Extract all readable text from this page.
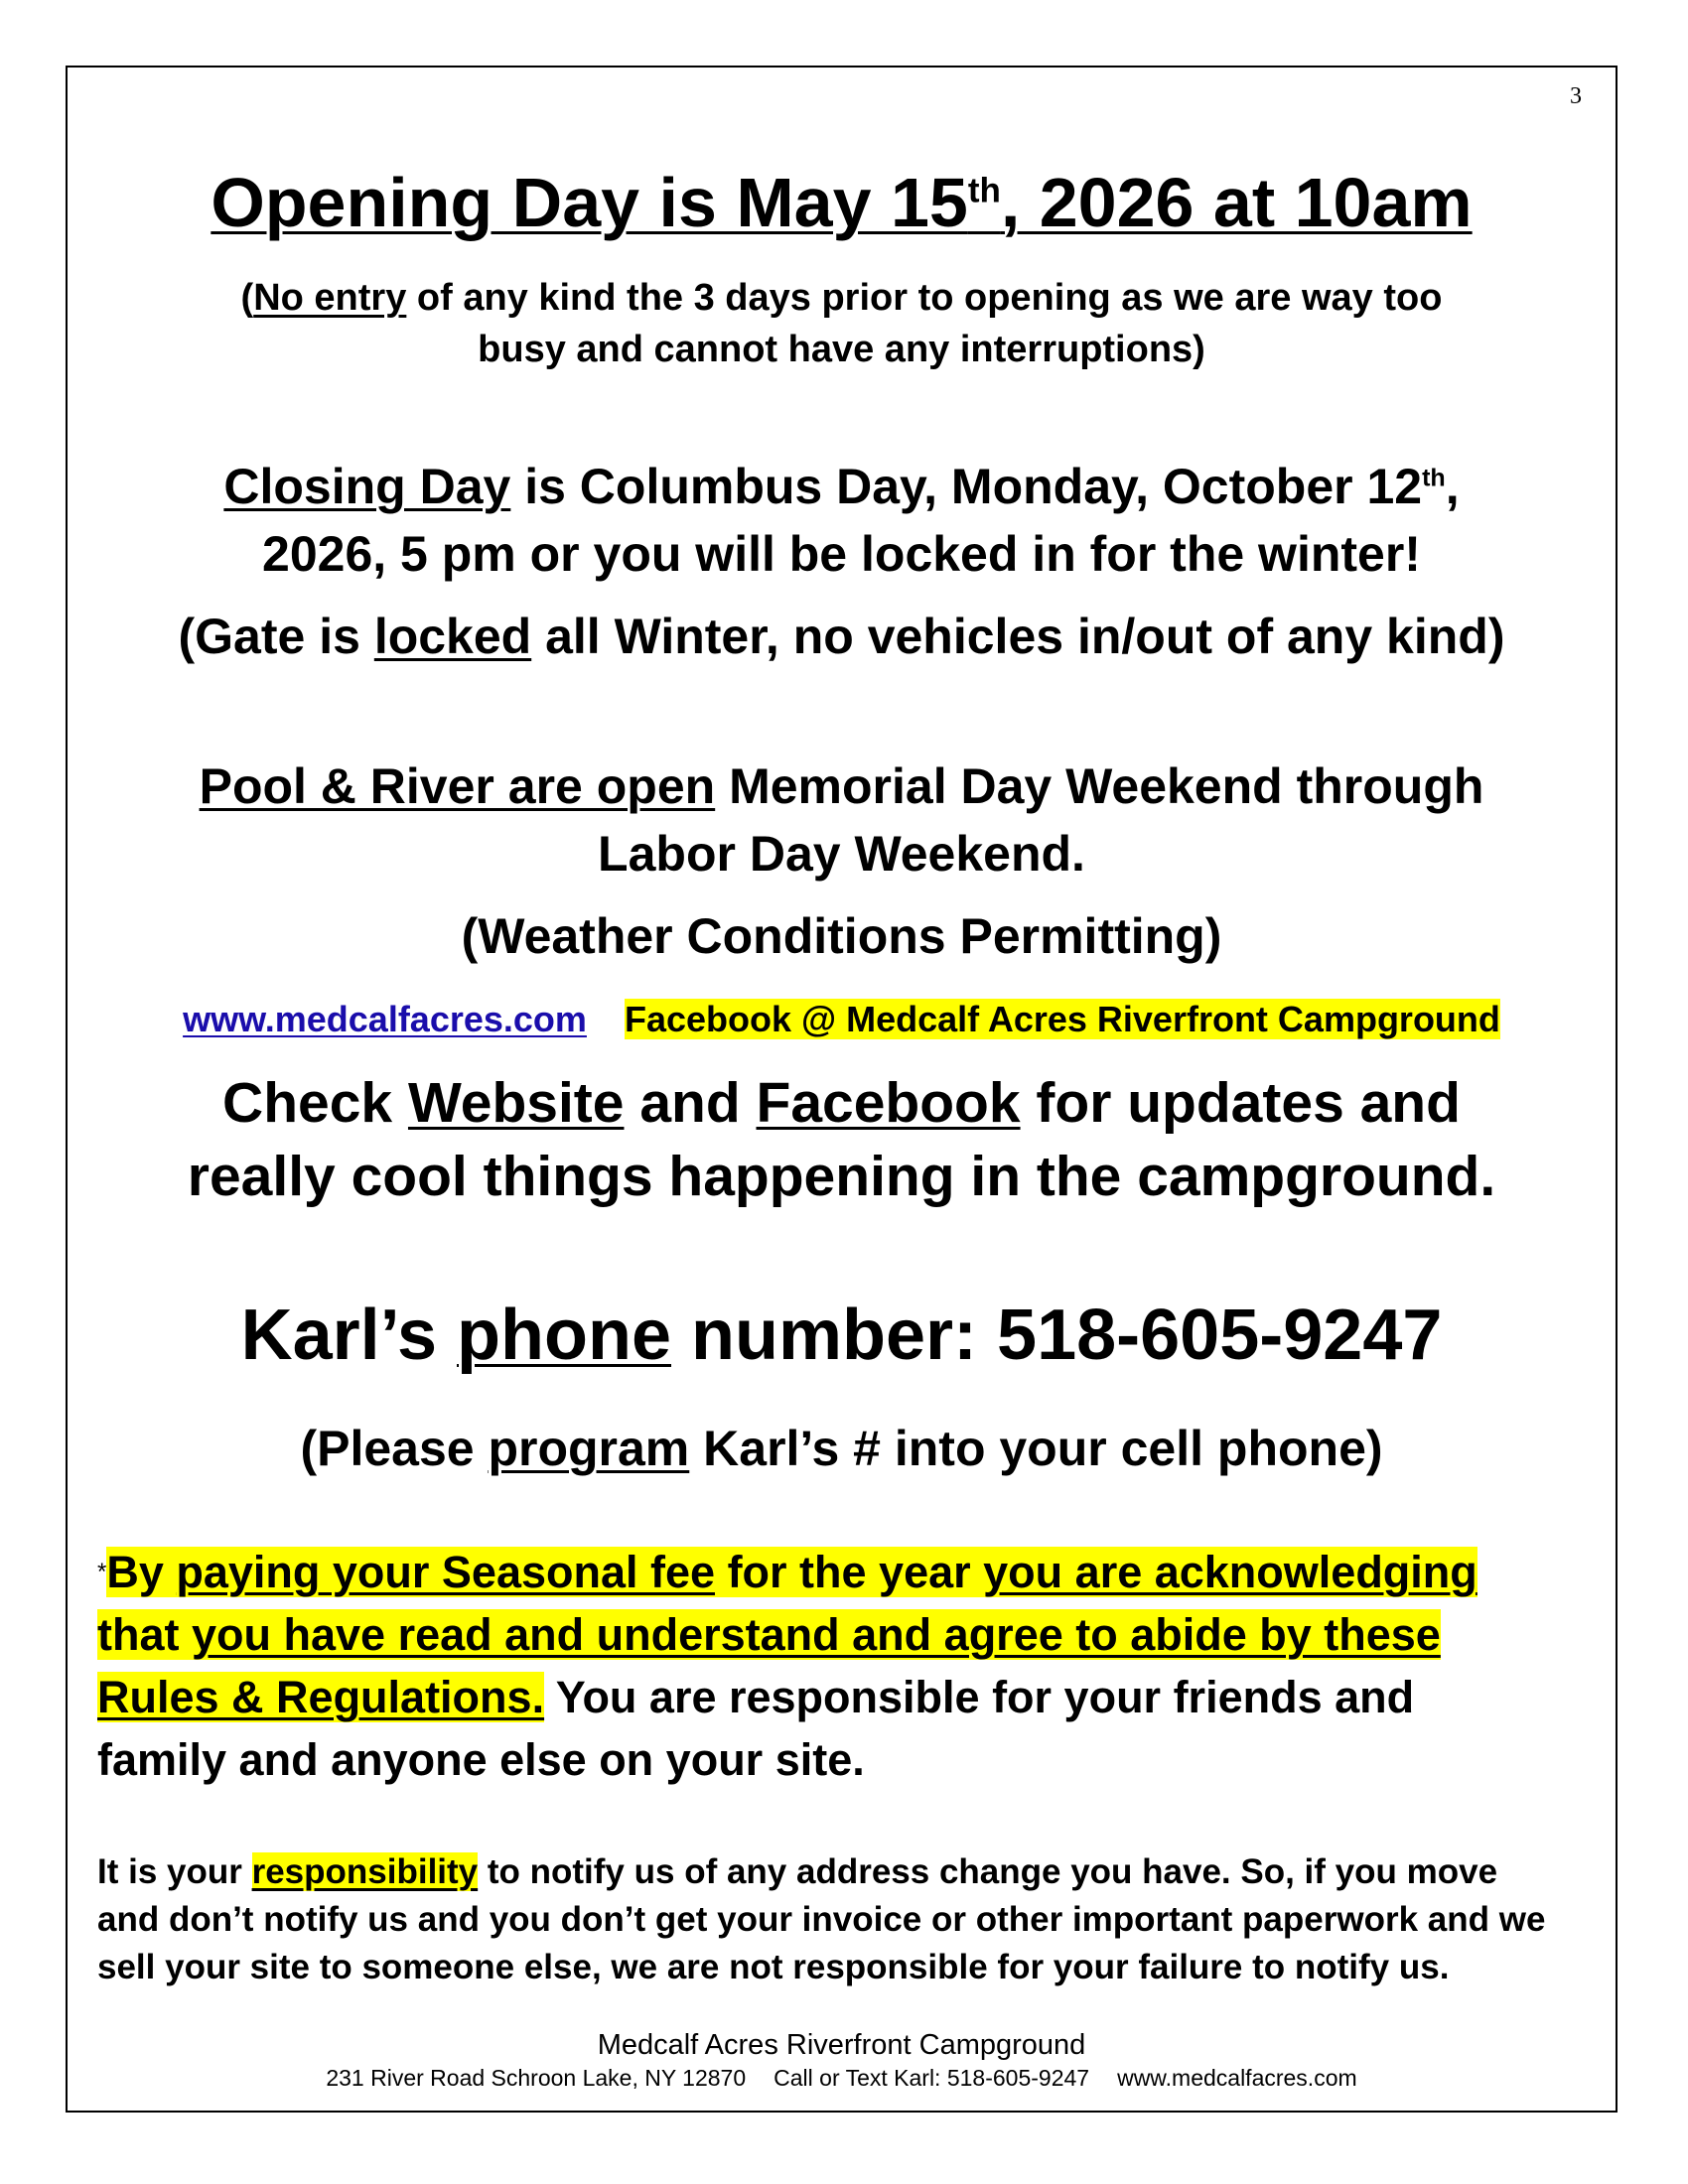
3
Opening Day is May 15th, 2026 at 10am
(No entry of any kind the 3 days prior to opening as we are way too
busy and cannot have any interruptions)
Closing Day is Columbus Day, Monday, October 12th,
2026, 5 pm or you will be locked in for the winter!
(Gate is locked all Winter, no vehicles in/out of any kind)
Pool & River are open Memorial Day Weekend through
Labor Day Weekend.
(Weather Conditions Permitting)
www.medcalfacres.com Facebook @ Medcalf Acres Riverfront Campground
Check Website and Facebook for updates and
really cool things happening in the campground.
Karl’s phone number: 518-605-9247
(Please program Karl’s # into your cell phone)
*By paying your Seasonal fee for the year you are acknowledging that you have read and understand and agree to abide by these Rules & Regulations. You are responsible for your friends and family and anyone else on your site.
It is your responsibility to notify us of any address change you have. So, if you move and don’t notify us and you don’t get your invoice or other important paperwork and we sell your site to someone else, we are not responsible for your failure to notify us.
Medcalf Acres Riverfront Campground
231 River Road Schroon Lake, NY 12870 Call or Text Karl: 518-605-9247 www.medcalfacres.com
